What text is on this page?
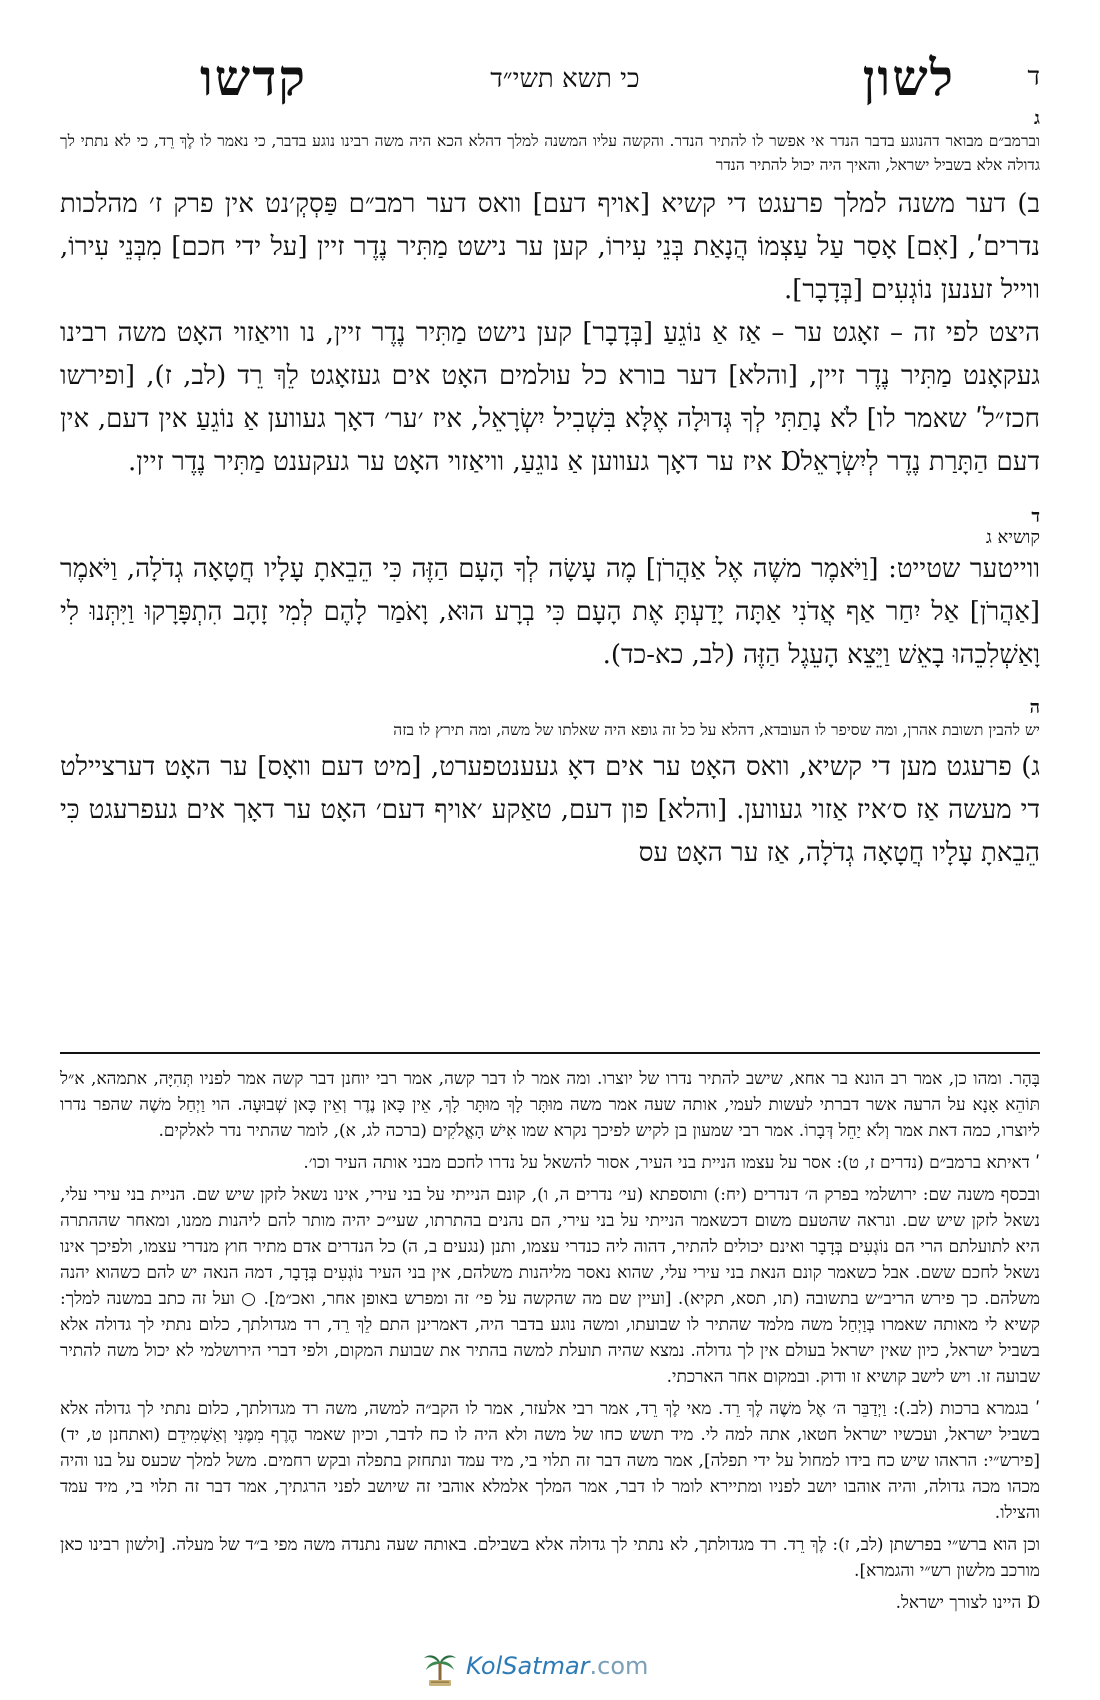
ד
לשון
כי תשא תשי״ד
קדשו

ג

וברמב״ם מבואר דהנוגע בדבר הנדר אי אפשר לו להתיר הנדר. והקשה עליו המשנה למלך דהלא הכא היה משה רבינו נוגע בדבר, כי נאמר לו לֶךְ רֵד, כי לא נתתי לך גדולה אלא בשביל ישראל, והאיך היה יכול להתיר הנדר

ב) דער משנה למלך פרעגט די קשיא [אויף דעם] וואס דער רמב״ם פַּסְקְ׳נט אין פרק ז׳ מהלכות נדריםʹ, [אִם] אָסַר עַל עַצְמוֹ הֲנָאַת בְּנֵי עִירוֹ, קען ער נישט מַתִּיר נֶדֶר זיין [על ידי חכם] מִבְּנֵי עִירוֹ, ווייל זענען נוֹגְעִים [בְּדָבָר].

היצט לפי זה – זאָגט ער – אַז אַ נוֹגֵעַ [בְּדָבָר] קען נישט מַתִּיר נֶדֶר זיין, נו וויאַזוי האָט משה רבינו געקאָנט מַתִּיר נֶדֶר זיין, [והלא] דער בורא כל עולמים האָט אים געזאָגט לֵךְ רֵד (לב, ז), [ופירשו חכז״לʹ שאמר לו] לֹא נָתַתִּי לְךָ גְּדוּלָה אֶלָּא בִּשְׁבִיל יִשְׂרָאֵל, איז ׳ער׳ דאָך געווען אַ נוֹגֵעַ אין דעם, אין דעם הַתָּרַת נֶדֶר לְיִשְׂרָאֵלⱰ איז ער דאָך געווען אַ נוגֵעַ, וויאַזוי האָט ער געקענט מַתִּיר נֶדֶר זיין.

ד

קושיא ג

ווייטער שטייט: [וַיֹּאמֶר משֶׁה אֶל אַהֲרֹן] מֶה עָשָׂה לְךָ הָעָם הַזֶּה כִּי הֵבֵאתָ עָלָיו חֲטָאָה גְדֹלָה, וַיֹּאמֶר [אַהֲרֹן] אַל יִחַר אַף אֲדֹנִי אַתָּה יָדַעְתָּ אֶת הָעָם כִּי בְרָע הוּא, וָאֹמַר לָהֶם לְמִי זָהָב הִתְפָּרָקוּ וַיִּתְּנוּ לִי וָאַשְׁלִכֵהוּ בָאֵשׁ וַיֵּצֵא הָעֵגֶל הַזֶּה (לב, כא-כד).

ה

יש להבין תשובת אהרן, ומה שסיפר לו העובדא, דהלא על כל זה גופא היה שאלתו של משה, ומה תירץ לו בזה

ג) פרעגט מען די קשיא, וואס האָט ער אים דאָ געענטפערט, [מיט דעם וואָס] ער האָט דערציילט די מעשה אַז ס׳איז אַזוי געווען. [והלא] פון דעם, טאַקע ׳אויף דעם׳ האָט ער דאָך אים געפרעגט כִּי הֵבֵאתָ עָלָיו חֲטָאָה גְדֹלָה, אַז ער האָט עס

בָּהָר. ומהו כן, אמר רב הונא בר אחא, שישב להתיר נדרו של יוצרו. ומה אמר לו דבר קשה, אמר רבי יוחנן דבר קשה אמר לפניו תְּהִיָּה, אתמהא, א״ל תּוֹהֵא אָנָא על הרעה אשר דברתי לעשות לעמי, אותה שעה אמר משה מוּתָּר לָךְ מוּתָּר לָךְ, אֵין כָּאן נֶדֶר וְאֵין כָּאן שְׁבוּעָה. הוי וַיְחַל משֶׁה שהפר נדרו ליוצרו, כמה דאת אמר וְלֹא יַחֵל דְּבָרוֹ. אמר רבי שמעון בן לקיש לפיכך נקרא שמו אִישׁ הָאֱלֹקִים (ברכה לג, א), לומר שהתיר נדר לאלקים.

ʹ דאיתא ברמב״ם (נדרים ז, ט): אסר על עצמו הניית בני העיר, אסור להשאל על נדרו לחכם מבני אותה העיר וכו׳.

ובכסף משנה שם: ירושלמי בפרק ה׳ דנדרים (יח:) ותוספתא (עי׳ נדרים ה, ו), קונם הנייתי על בני עירי, אינו נשאל לזקן שיש שם. הניית בני עירי עלי, נשאל לזקן שיש שם. ונראה שהטעם משום דכשאמר הנייתי על בני עירי, הם נהנים בהתרתו, שעי״כ יהיה מותר להם ליהנות ממנו, ומאחר שההתרה היא לתועלתם הרי הם נוֹגְעִים בְּדָבָר ואינם יכולים להתיר, דהוה ליה כנדרי עצמו, ותנן (נגעים ב, ה) כל הנדרים אדם מתיר חוץ מנדרי עצמו, ולפיכך אינו נשאל לחכם ששם. אבל כשאמר קונם הנאת בני עירי עלי, שהוא נאסר מליהנות משלהם, אין בני העיר נוֹגְעִים בְּדָבָר, דמה הנאה יש להם כשהוא יהנה משלהם. כך פירש הריב״ש בתשובה (תו, תסא, תקיא). [ועיין שם מה שהקשה על פי׳ זה ומפרש באופן אחר, ואכ״מ]. ○ ועל זה כתב במשנה למלך: קשיא לי מאותה שאמרו בְּוַיְחַל משה מלמד שהתיר לו שבועתו, ומשה נוגע בדבר היה, דאמרינן התם לֵךְ רֵד, רד מגדולתך, כלום נתתי לך גדולה אלא בשביל ישראל, כיון שאין ישראל בעולם אין לך גדולה. נמצא שהיה תועלת למשה בהתיר את שבועת המקום, ולפי דברי הירושלמי לא יכול משה להתיר שבועה זו. ויש לישב קושיא זו ודוק. ובמקום אחר הארכתי.

ʹ בגמרא ברכות (לב.): וַיְדַבֵּר ה׳ אֶל משֶׁה לֶךְ רֵד. מאי לֶךְ רֵד, אמר רבי אלעזר, אמר לו הקב״ה למשה, משה רד מגדולתך, כלום נתתי לך גדולה אלא בשביל ישראל, ועכשיו ישראל חטאו, אתה למה לי. מיד תשש כחו של משה ולא היה לו כח לדבר, וכיון שאמר הֶרֶף מִמֶּנִּי וְאַשְׁמִידֵם (ואתחנן ט, יד) [פירש״י: הראהו שיש כח בידו למחול על ידי תפלה], אמר משה דבר זה תלוי בי, מיד עמד ונתחזק בתפלה ובקש רחמים. משל למלך שכעס על בנו והיה מכהו מכה גדולה, והיה אוהבו יושב לפניו ומתיירא לומר לו דבר, אמר המלך אלמלא אוהבי זה שיושב לפני הרגתיך, אמר דבר זה תלוי בי, מיד עמד והצילו.

וכן הוא ברש״י בפרשתן (לב, ז): לֶךְ רֵד. רד מגדולתך, לא נתתי לך גדולה אלא בשבילם. באותה שעה נתנדה משה מפי ב״ד של מעלה. [ולשון רבינו כאן מורכב מלשון רש״י והגמרא].

Ɒ היינו לצורך ישראל.

KolSatmar.com
